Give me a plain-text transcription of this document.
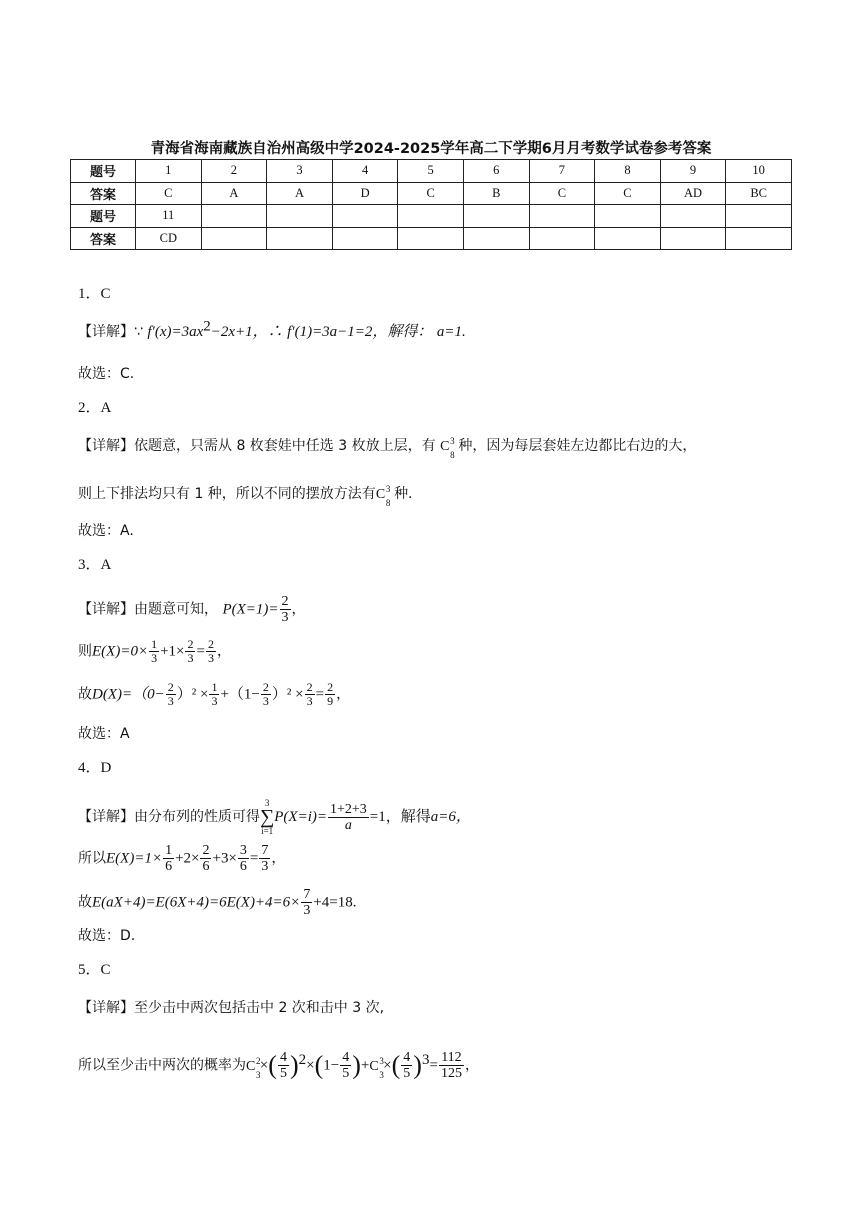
青海省海南藏族自治州高级中学2024-2025学年高二下学期6月月考数学试卷参考答案
题号	1	2	3	4	5	6	7	8	9	10
答案	C	A	A	D	C	B	C	C	AD	BC
题号	11									
答案	CD									
1．C
【详解】∵ $f'(x)=3ax^2-2x+1$，∴ f′(1)=3a−1=2，解得： a=1.
故选：C.
2．A
【详解】依题意，只需从 8 枚套娃中任选 3 枚放上层，有 C 3
8
种，因为每层套娃左边都比右边的大，
则上下排法均只有 1 种，所以不同的摆放方法有C 3
8
种.
故选：A.
3．A
【详解】由题意可知， $P(X=1)= \frac{2}{3}$ ，
则$E(X)=0\times \frac{1}{3} +1\times \frac{2}{3} = \frac{2}{3}$ ，
故$D(X)=(0- \frac{2}{3} )^2 \times \frac{1}{3} +(1- \frac{2}{3} )^2 \times \frac{2}{3} = \frac{2}{9}$ ，
故选：A
4．D
【详解】由分布列的性质可得
3
∑
i=1
$P(X=i)= \frac{1+2+3}{a} =1$，解得a=6，
所以$E(X)=1\times \frac{1}{6} +2\times \frac{2}{6} +3\times \frac{3}{6} = \frac{7}{3}$ ，
故$E(aX+4)=E(6X+4)=6E(X)+4=6\times \frac{7}{3} +4=18$.
故选：D.
5．C
【详解】至少击中两次包括击中 2 次和击中 3 次,
所以至少击中两次的概率为C 2
3
×( $\frac{4}{5} )^2\times(1- \frac{4}{5} )+C$ 3
3
×( $\frac{4}{5} )^3= \frac{112}{125}$ ，
